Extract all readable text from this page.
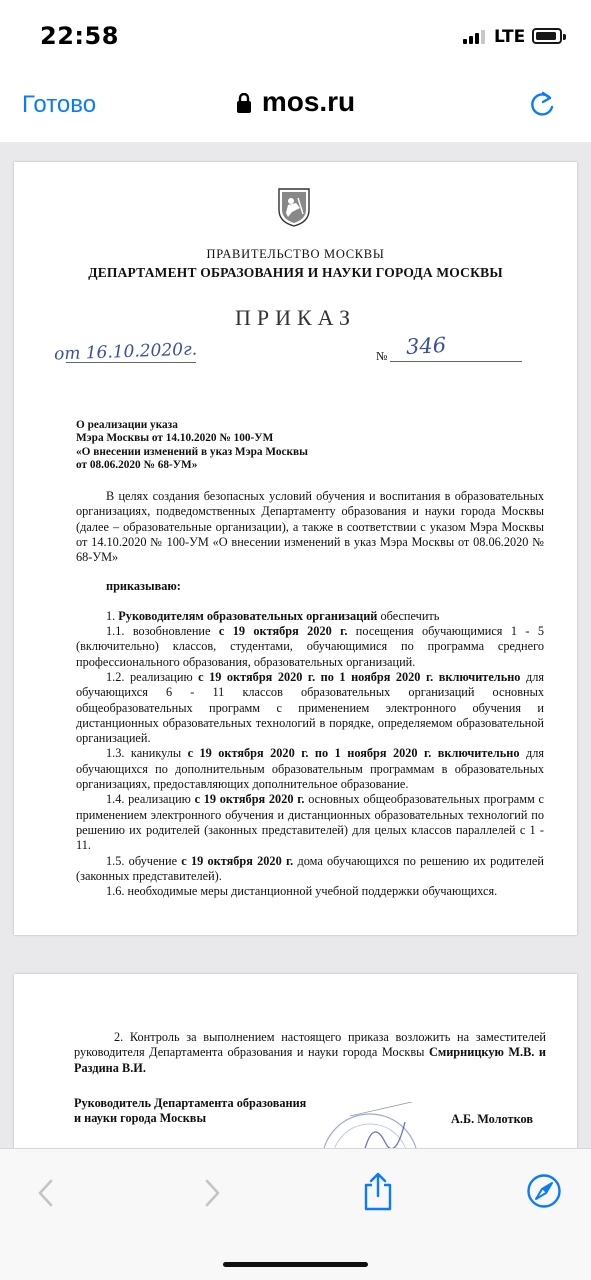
22:58	LTE
Готово	mos.ru
ПРАВИТЕЛЬСТВО МОСКВЫ
ДЕПАРТАМЕНТ ОБРАЗОВАНИЯ И НАУКИ ГОРОДА МОСКВЫ
ПРИКАЗ
от 16.10.2020г.	№ 346
О реализации указа
Мэра Москвы от 14.10.2020 № 100-УМ
«О внесении изменений в указ Мэра Москвы
от 08.06.2020 № 68-УМ»

В целях создания безопасных условий обучения и воспитания в образовательных организациях, подведомственных Департаменту образования и науки города Москвы (далее – образовательные организации), а также в соответствии с указом Мэра Москвы от 14.10.2020 № 100-УМ «О внесении изменений в указ Мэра Москвы от 08.06.2020 № 68-УМ»

приказываю:

1. Руководителям образовательных организаций обеспечить

1.1. возобновление с 19 октября 2020 г. посещения обучающимися 1 - 5 (включительно) классов, студентами, обучающимися по программа среднего профессионального образования, образовательных организаций.

1.2. реализацию с 19 октября 2020 г. по 1 ноября 2020 г. включительно для обучающихся 6 - 11 классов образовательных организаций основных общеобразовательных программ с применением электронного обучения и дистанционных образовательных технологий в порядке, определяемом образовательной организацией.

1.3. каникулы с 19 октября 2020 г. по 1 ноября 2020 г. включительно для обучающихся по дополнительным образовательным программам в образовательных организациях, предоставляющих дополнительное образование.

1.4. реализацию с 19 октября 2020 г. основных общеобразовательных программ с применением электронного обучения и дистанционных образовательных технологий по решению их родителей (законных представителей) для целых классов параллелей с 1 - 11.

1.5. обучение с 19 октября 2020 г. дома обучающихся по решению их родителей (законных представителей).

1.6. необходимые меры дистанционной учебной поддержки обучающихся.

2. Контроль за выполнением настоящего приказа возложить на заместителей руководителя Департамента образования и науки города Москвы Смирницкую М.В. и Раздина В.И.

Руководитель Департамента образования
и науки города Москвы	А.Б. Молотков
